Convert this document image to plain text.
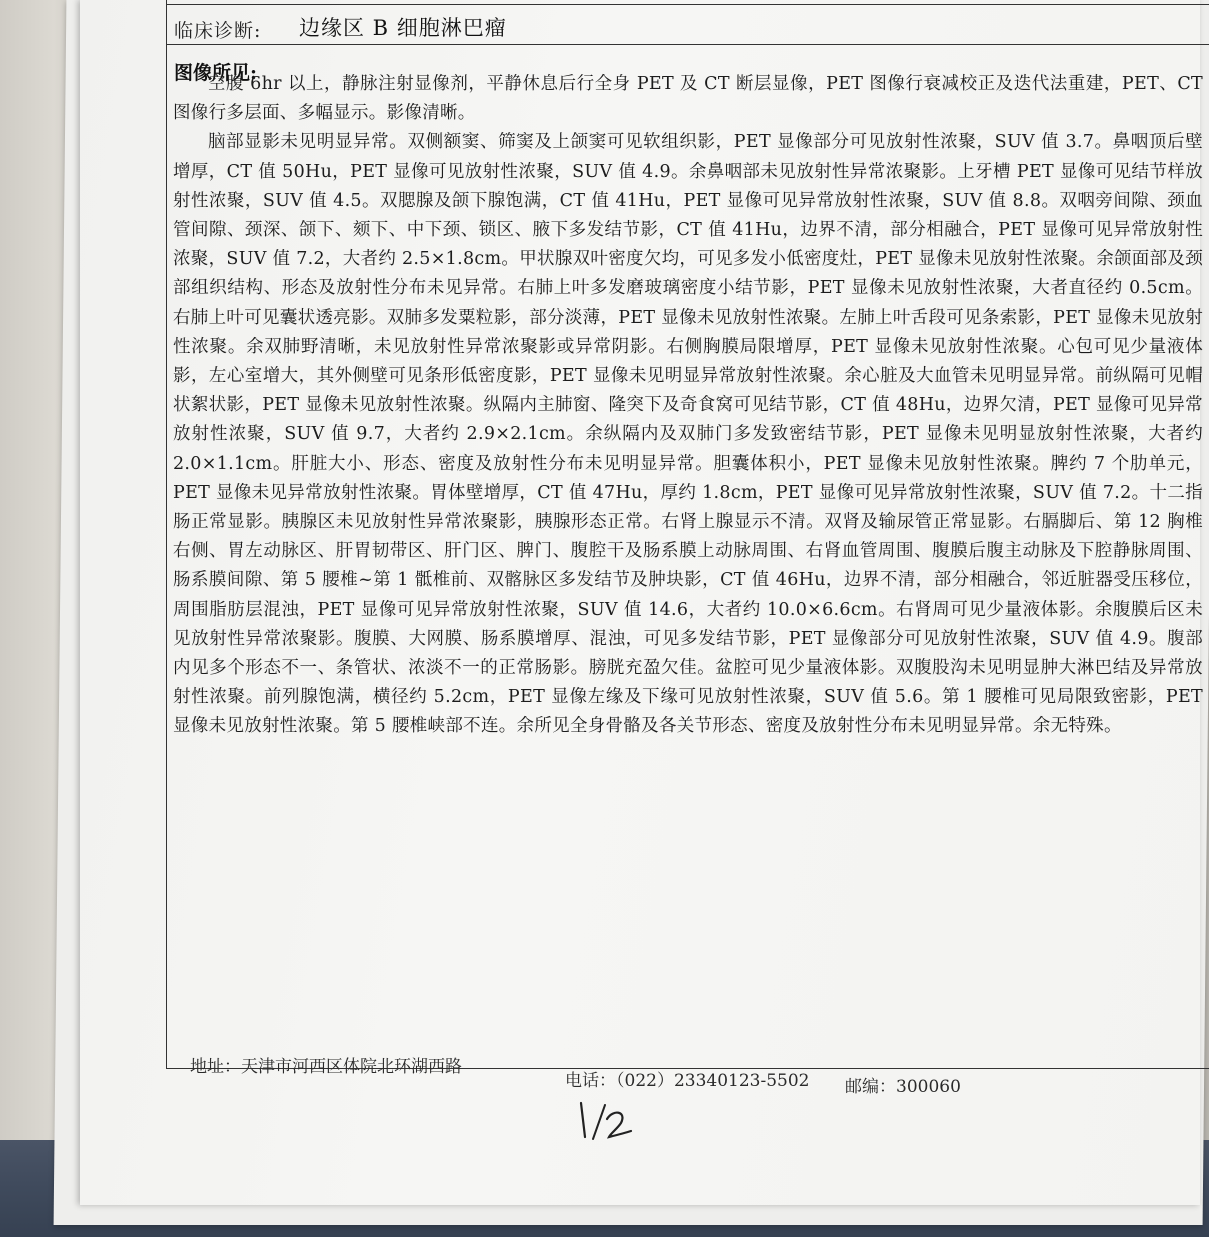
临床诊断: 边缘区 B 细胞淋巴瘤
图像所见:

空腹 6hr 以上，静脉注射显像剂，平静休息后行全身 PET 及 CT 断层显像，PET 图像行衰减校正及迭代法重建，PET、CT 图像行多层面、多幅显示。影像清晰。

脑部显影未见明显异常。双侧额窦、筛窦及上颌窦可见软组织影，PET 显像部分可见放射性浓聚，SUV 值 3.7。鼻咽顶后壁增厚，CT 值 50Hu，PET 显像可见放射性浓聚，SUV 值 4.9。余鼻咽部未见放射性异常浓聚影。上牙槽 PET 显像可见结节样放射性浓聚，SUV 值 4.5。双腮腺及颌下腺饱满，CT 值 41Hu，PET 显像可见异常放射性浓聚，SUV 值 8.8。双咽旁间隙、颈血管间隙、颈深、颌下、颏下、中下颈、锁区、腋下多发结节影，CT 值 41Hu，边界不清，部分相融合，PET 显像可见异常放射性浓聚，SUV 值 7.2，大者约 2.5×1.8cm。甲状腺双叶密度欠均，可见多发小低密度灶，PET 显像未见放射性浓聚。余颌面部及颈部组织结构、形态及放射性分布未见异常。右肺上叶多发磨玻璃密度小结节影，PET 显像未见放射性浓聚，大者直径约 0.5cm。右肺上叶可见囊状透亮影。双肺多发粟粒影，部分淡薄，PET 显像未见放射性浓聚。左肺上叶舌段可见条索影，PET 显像未见放射性浓聚。余双肺野清晰，未见放射性异常浓聚影或异常阴影。右侧胸膜局限增厚，PET 显像未见放射性浓聚。心包可见少量液体影，左心室增大，其外侧壁可见条形低密度影，PET 显像未见明显异常放射性浓聚。余心脏及大血管未见明显异常。前纵隔可见帽状絮状影，PET 显像未见放射性浓聚。纵隔内主肺窗、隆突下及奇食窝可见结节影，CT 值 48Hu，边界欠清，PET 显像可见异常放射性浓聚，SUV 值 9.7，大者约 2.9×2.1cm。余纵隔内及双肺门多发致密结节影，PET 显像未见明显放射性浓聚，大者约 2.0×1.1cm。肝脏大小、形态、密度及放射性分布未见明显异常。胆囊体积小，PET 显像未见放射性浓聚。脾约 7 个肋单元，PET 显像未见异常放射性浓聚。胃体壁增厚，CT 值 47Hu，厚约 1.8cm，PET 显像可见异常放射性浓聚，SUV 值 7.2。十二指肠正常显影。胰腺区未见放射性异常浓聚影，胰腺形态正常。右肾上腺显示不清。双肾及输尿管正常显影。右膈脚后、第 12 胸椎右侧、胃左动脉区、肝胃韧带区、肝门区、脾门、腹腔干及肠系膜上动脉周围、右肾血管周围、腹膜后腹主动脉及下腔静脉周围、肠系膜间隙、第 5 腰椎~第 1 骶椎前、双髂脉区多发结节及肿块影，CT 值 46Hu，边界不清，部分相融合，邻近脏器受压移位，周围脂肪层混浊，PET 显像可见异常放射性浓聚，SUV 值 14.6，大者约 10.0×6.6cm。右肾周可见少量液体影。余腹膜后区未见放射性异常浓聚影。腹膜、大网膜、肠系膜增厚、混浊，可见多发结节影，PET 显像部分可见放射性浓聚，SUV 值 4.9。腹部内见多个形态不一、条管状、浓淡不一的正常肠影。膀胱充盈欠佳。盆腔可见少量液体影。双腹股沟未见明显肿大淋巴结及异常放射性浓聚。前列腺饱满，横径约 5.2cm，PET 显像左缘及下缘可见放射性浓聚，SUV 值 5.6。第 1 腰椎可见局限致密影，PET 显像未见放射性浓聚。第 5 腰椎峡部不连。余所见全身骨骼及各关节形态、密度及放射性分布未见明显异常。余无特殊。

地址：天津市河西区体院北环湖西路
电话：（022）23340123-5502 邮编：300060
